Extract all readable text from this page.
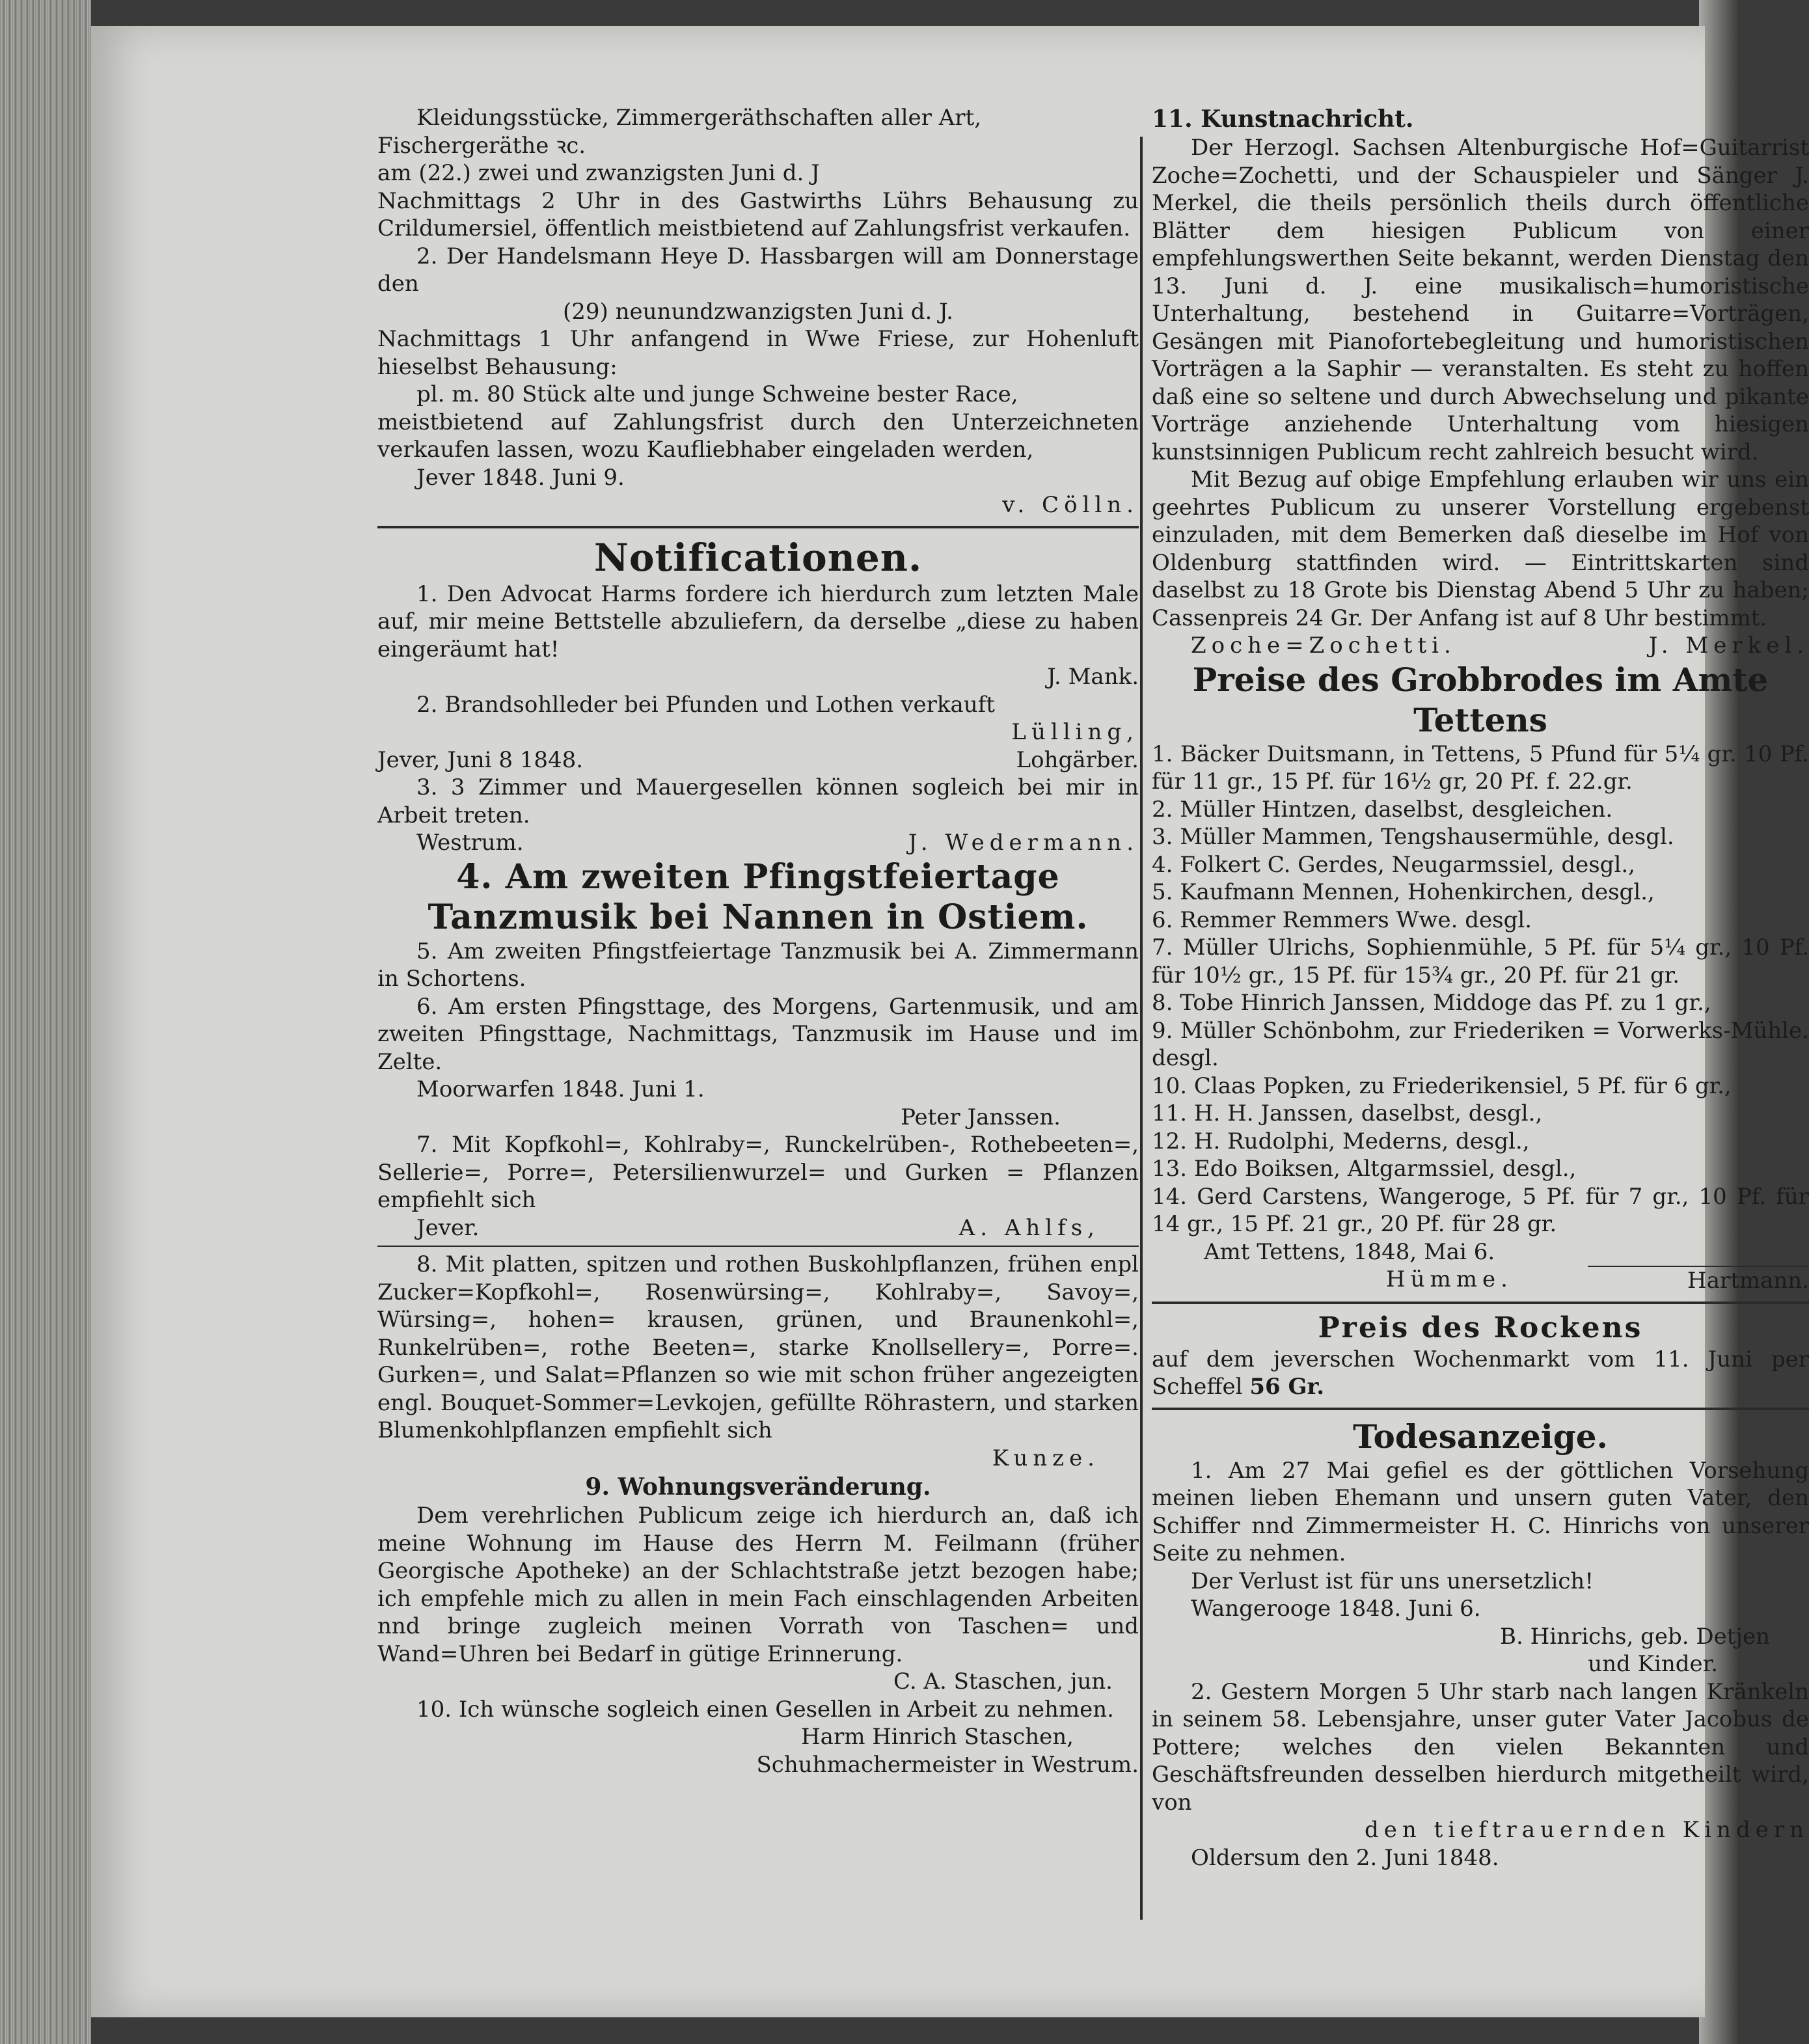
Kleidungsstücke, Zimmergeräthschaften aller Art,

Fischergeräthe ꝛc.

am (22.) zwei und zwanzigsten Juni d. J

Nachmittags 2 Uhr in des Gastwirths Lührs Behausung zu Crildumersiel, öffentlich meistbietend auf Zahlungsfrist verkaufen.

2. Der Handelsmann Heye D. Hassbargen will am Donnerstage den

(29) neunundzwanzigsten Juni d. J.

Nachmittags 1 Uhr anfangend in Wwe Friese, zur Hohenluft hieselbst Behausung:

pl. m. 80 Stück alte und junge Schweine bester Race,

meistbietend auf Zahlungsfrist durch den Unterzeichneten verkaufen lassen, wozu Kaufliebhaber eingeladen werden,

Jever 1848. Juni 9.

v. Cölln.

Notificationen.

1. Den Advocat Harms fordere ich hierdurch zum letzten Male auf, mir meine Bettstelle abzuliefern, da derselbe „diese zu haben eingeräumt hat!

J. Mank.

2. Brandsohlleder bei Pfunden und Lothen verkauft

Lülling,

Jever, Juni 8 1848.	Lohgärber.

3. 3 Zimmer und Mauergesellen können sogleich bei mir in Arbeit treten.

Westrum.	J. Wedermann.

4. Am zweiten Pfingstfeiertage

Tanzmusik bei Nannen in Ostiem.

5. Am zweiten Pfingstfeiertage Tanzmusik bei A. Zimmermann in Schortens.

6. Am ersten Pfingsttage, des Morgens, Gartenmusik, und am zweiten Pfingsttage, Nachmittags, Tanzmusik im Hause und im Zelte.

Moorwarfen 1848. Juni 1.

Peter Janssen.

7. Mit Kopfkohl=, Kohlraby=, Runckelrüben-, Rothebeeten=, Sellerie=, Porre=, Petersilienwurzel= und Gurken = Pflanzen empfiehlt sich

Jever.	A. Ahlfs,

8. Mit platten, spitzen und rothen Buskohlpflanzen, frühen enpl Zucker=Kopfkohl=, Rosenwürsing=, Kohlraby=, Savoy=, Würsing=, hohen= krausen, grünen, und Braunenkohl=, Runkelrüben=, rothe Beeten=, starke Knollsellery=, Porre=. Gurken=, und Salat=Pflanzen so wie mit schon früher angezeigten engl. Bouquet-Sommer=Levkojen, gefüllte Röhrastern, und starken Blumenkohlpflanzen empfiehlt sich

Kunze.

9. Wohnungsveränderung.

Dem verehrlichen Publicum zeige ich hierdurch an, daß ich meine Wohnung im Hause des Herrn M. Feilmann (früher Georgische Apotheke) an der Schlachtstraße jetzt bezogen habe; ich empfehle mich zu allen in mein Fach einschlagenden Arbeiten nnd bringe zugleich meinen Vorrath von Taschen= und Wand=Uhren bei Bedarf in gütige Erinnerung.

C. A. Staschen, jun.

10. Ich wünsche sogleich einen Gesellen in Arbeit zu nehmen.

Harm Hinrich Staschen,

Schuhmachermeister in Westrum.

11. Kunstnachricht.

Der Herzogl. Sachsen Altenburgische Hof=Guitarrist Zoche=Zochetti, und der Schauspieler und Sänger J. Merkel, die theils persönlich theils durch öffentliche Blätter dem hiesigen Publicum von einer empfehlungswerthen Seite bekannt, werden Dienstag den 13. Juni d. J. eine musikalisch=humoristische Unterhaltung, bestehend in Guitarre=Vorträgen, Gesängen mit Pianofortebegleitung und humoristischen Vorträgen a la Saphir — veranstalten. Es steht zu hoffen daß eine so seltene und durch Abwechselung und pikante Vorträge anziehende Unterhaltung vom hiesigen kunstsinnigen Publicum recht zahlreich besucht wird.

Mit Bezug auf obige Empfehlung erlauben wir uns ein geehrtes Publicum zu unserer Vorstellung ergebenst einzuladen, mit dem Bemerken daß dieselbe im Hof von Oldenburg stattfinden wird. — Eintrittskarten sind daselbst zu 18 Grote bis Dienstag Abend 5 Uhr zu haben; Cassenpreis 24 Gr. Der Anfang ist auf 8 Uhr bestimmt.

Zoche=Zochetti.	J. Merkel.

Preise des Grobbrodes im Amte Tettens

1. Bäcker Duitsmann, in Tettens, 5 Pfund für 5¼ gr. 10 Pf. für 11 gr., 15 Pf. für 16½ gr, 20 Pf. f. 22.gr.

2. Müller Hintzen, daselbst, desgleichen.

3. Müller Mammen, Tengshausermühle, desgl.

4. Folkert C. Gerdes, Neugarmssiel, desgl.,

5. Kaufmann Mennen, Hohenkirchen, desgl.,

6. Remmer Remmers Wwe. desgl.

7. Müller Ulrichs, Sophienmühle, 5 Pf. für 5¼ gr., 10 Pf. für 10½ gr., 15 Pf. für 15¾ gr., 20 Pf. für 21 gr.

8. Tobe Hinrich Janssen, Middoge das Pf. zu 1 gr.,

9. Müller Schönbohm, zur Friederiken = Vorwerks-Mühle. desgl.

10. Claas Popken, zu Friederikensiel, 5 Pf. für 6 gr.,

11. H. H. Janssen, daselbst, desgl.,

12. H. Rudolphi, Mederns, desgl.,

13. Edo Boiksen, Altgarmssiel, desgl.,

14. Gerd Carstens, Wangeroge, 5 Pf. für 7 gr., 10 Pf. für 14 gr., 15 Pf. 21 gr., 20 Pf. für 28 gr.

Amt Tettens, 1848, Mai 6.

Hümme.	Hartmann.

Preis des Rockens

auf dem jeverschen Wochenmarkt vom 11. Juni per Scheffel 56 Gr.

Todesanzeige.

1. Am 27 Mai gefiel es der göttlichen Vorsehung meinen lieben Ehemann und unsern guten Vater, den Schiffer nnd Zimmermeister H. C. Hinrichs von unserer Seite zu nehmen.

Der Verlust ist für uns unersetzlich!

Wangerooge 1848. Juni 6.

B. Hinrichs, geb. Detjen

und Kinder.

2. Gestern Morgen 5 Uhr starb nach langen Kränkeln in seinem 58. Lebensjahre, unser guter Vater Jacobus de Pottere; welches den vielen Bekannten und Geschäftsfreunden desselben hierdurch mitgetheilt wird, von

den tieftrauernden Kindern

Oldersum den 2. Juni 1848.
